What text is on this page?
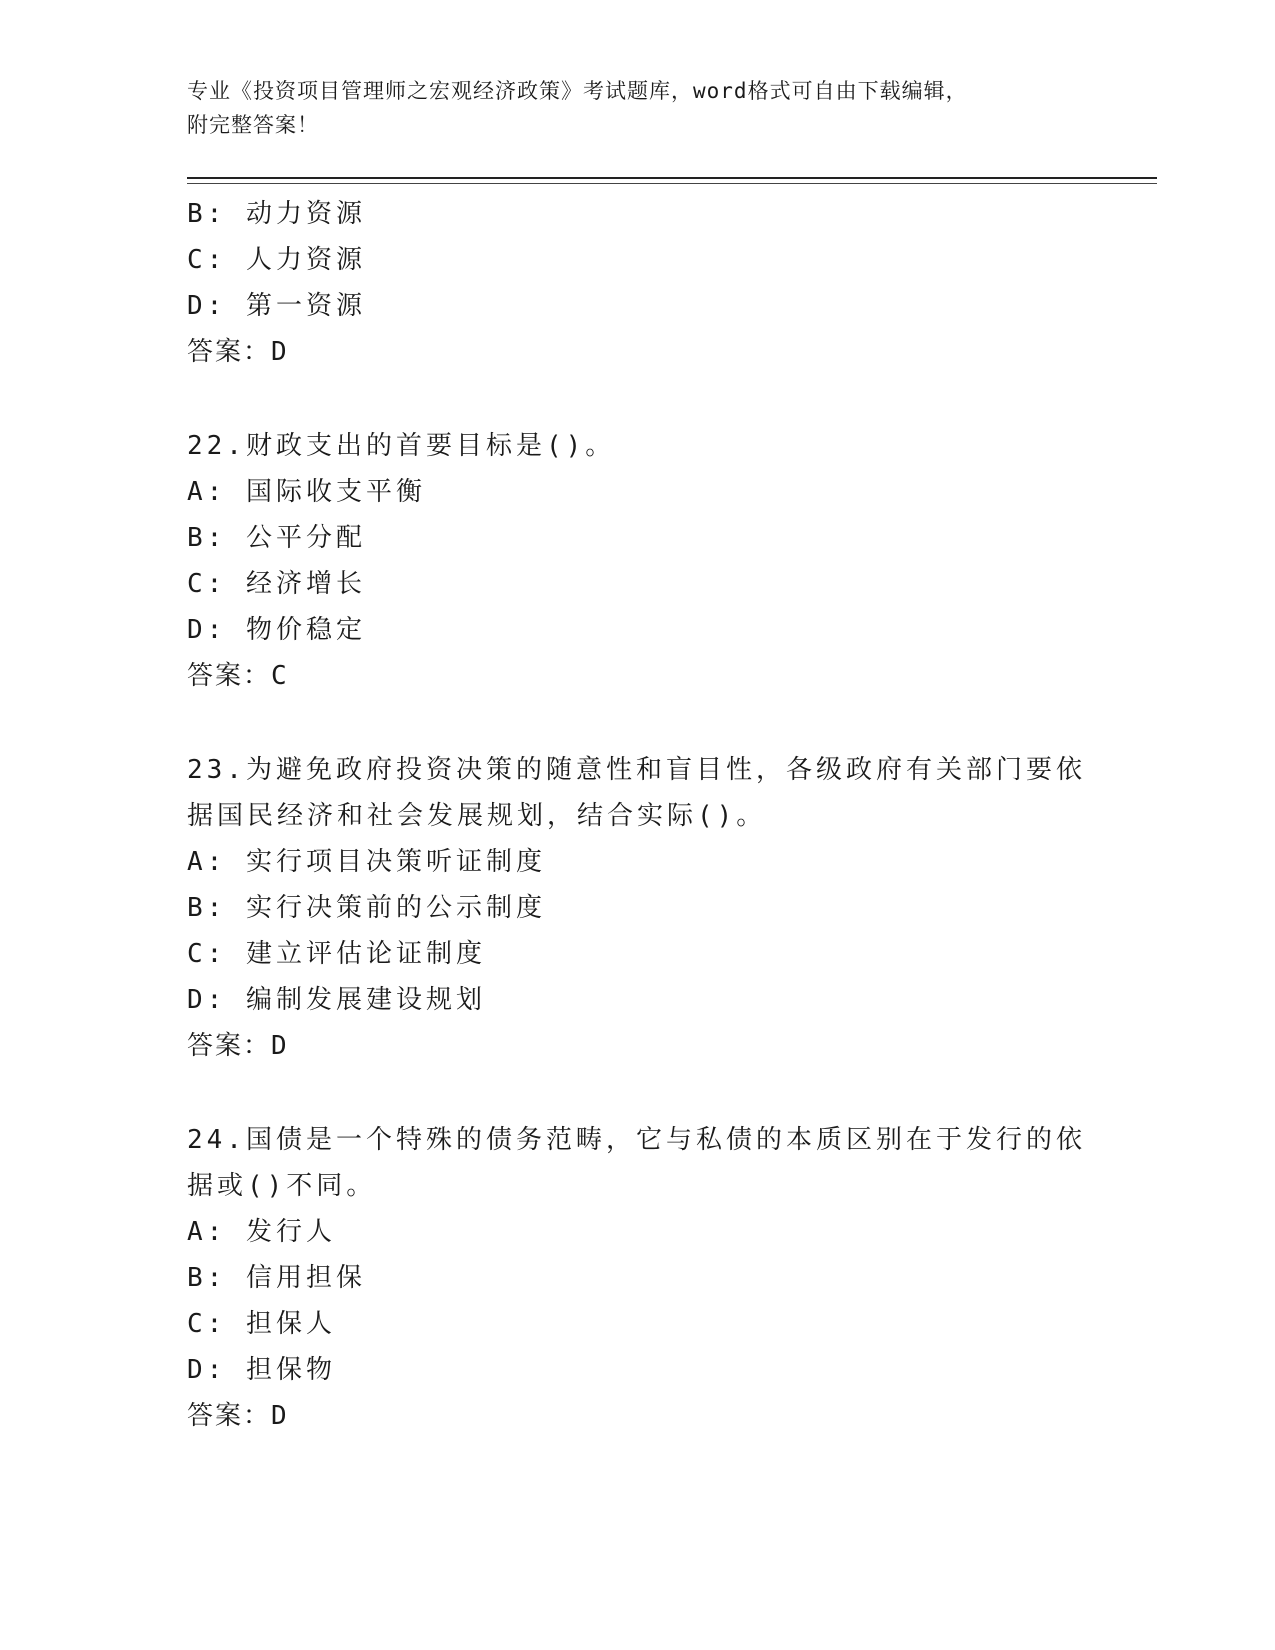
专业《投资项目管理师之宏观经济政策》考试题库，word格式可自由下载编辑，
附完整答案！
B: 动力资源
C: 人力资源
D: 第一资源
答案：D
22.财政支出的首要目标是()。
A: 国际收支平衡
B: 公平分配
C: 经济增长
D: 物价稳定
答案：C
23.为避免政府投资决策的随意性和盲目性，各级政府有关部门要依据国民经济和社会发展规划，结合实际()。
A: 实行项目决策听证制度
B: 实行决策前的公示制度
C: 建立评估论证制度
D: 编制发展建设规划
答案：D
24.国债是一个特殊的债务范畴，它与私债的本质区别在于发行的依据或()不同。
A: 发行人
B: 信用担保
C: 担保人
D: 担保物
答案：D
